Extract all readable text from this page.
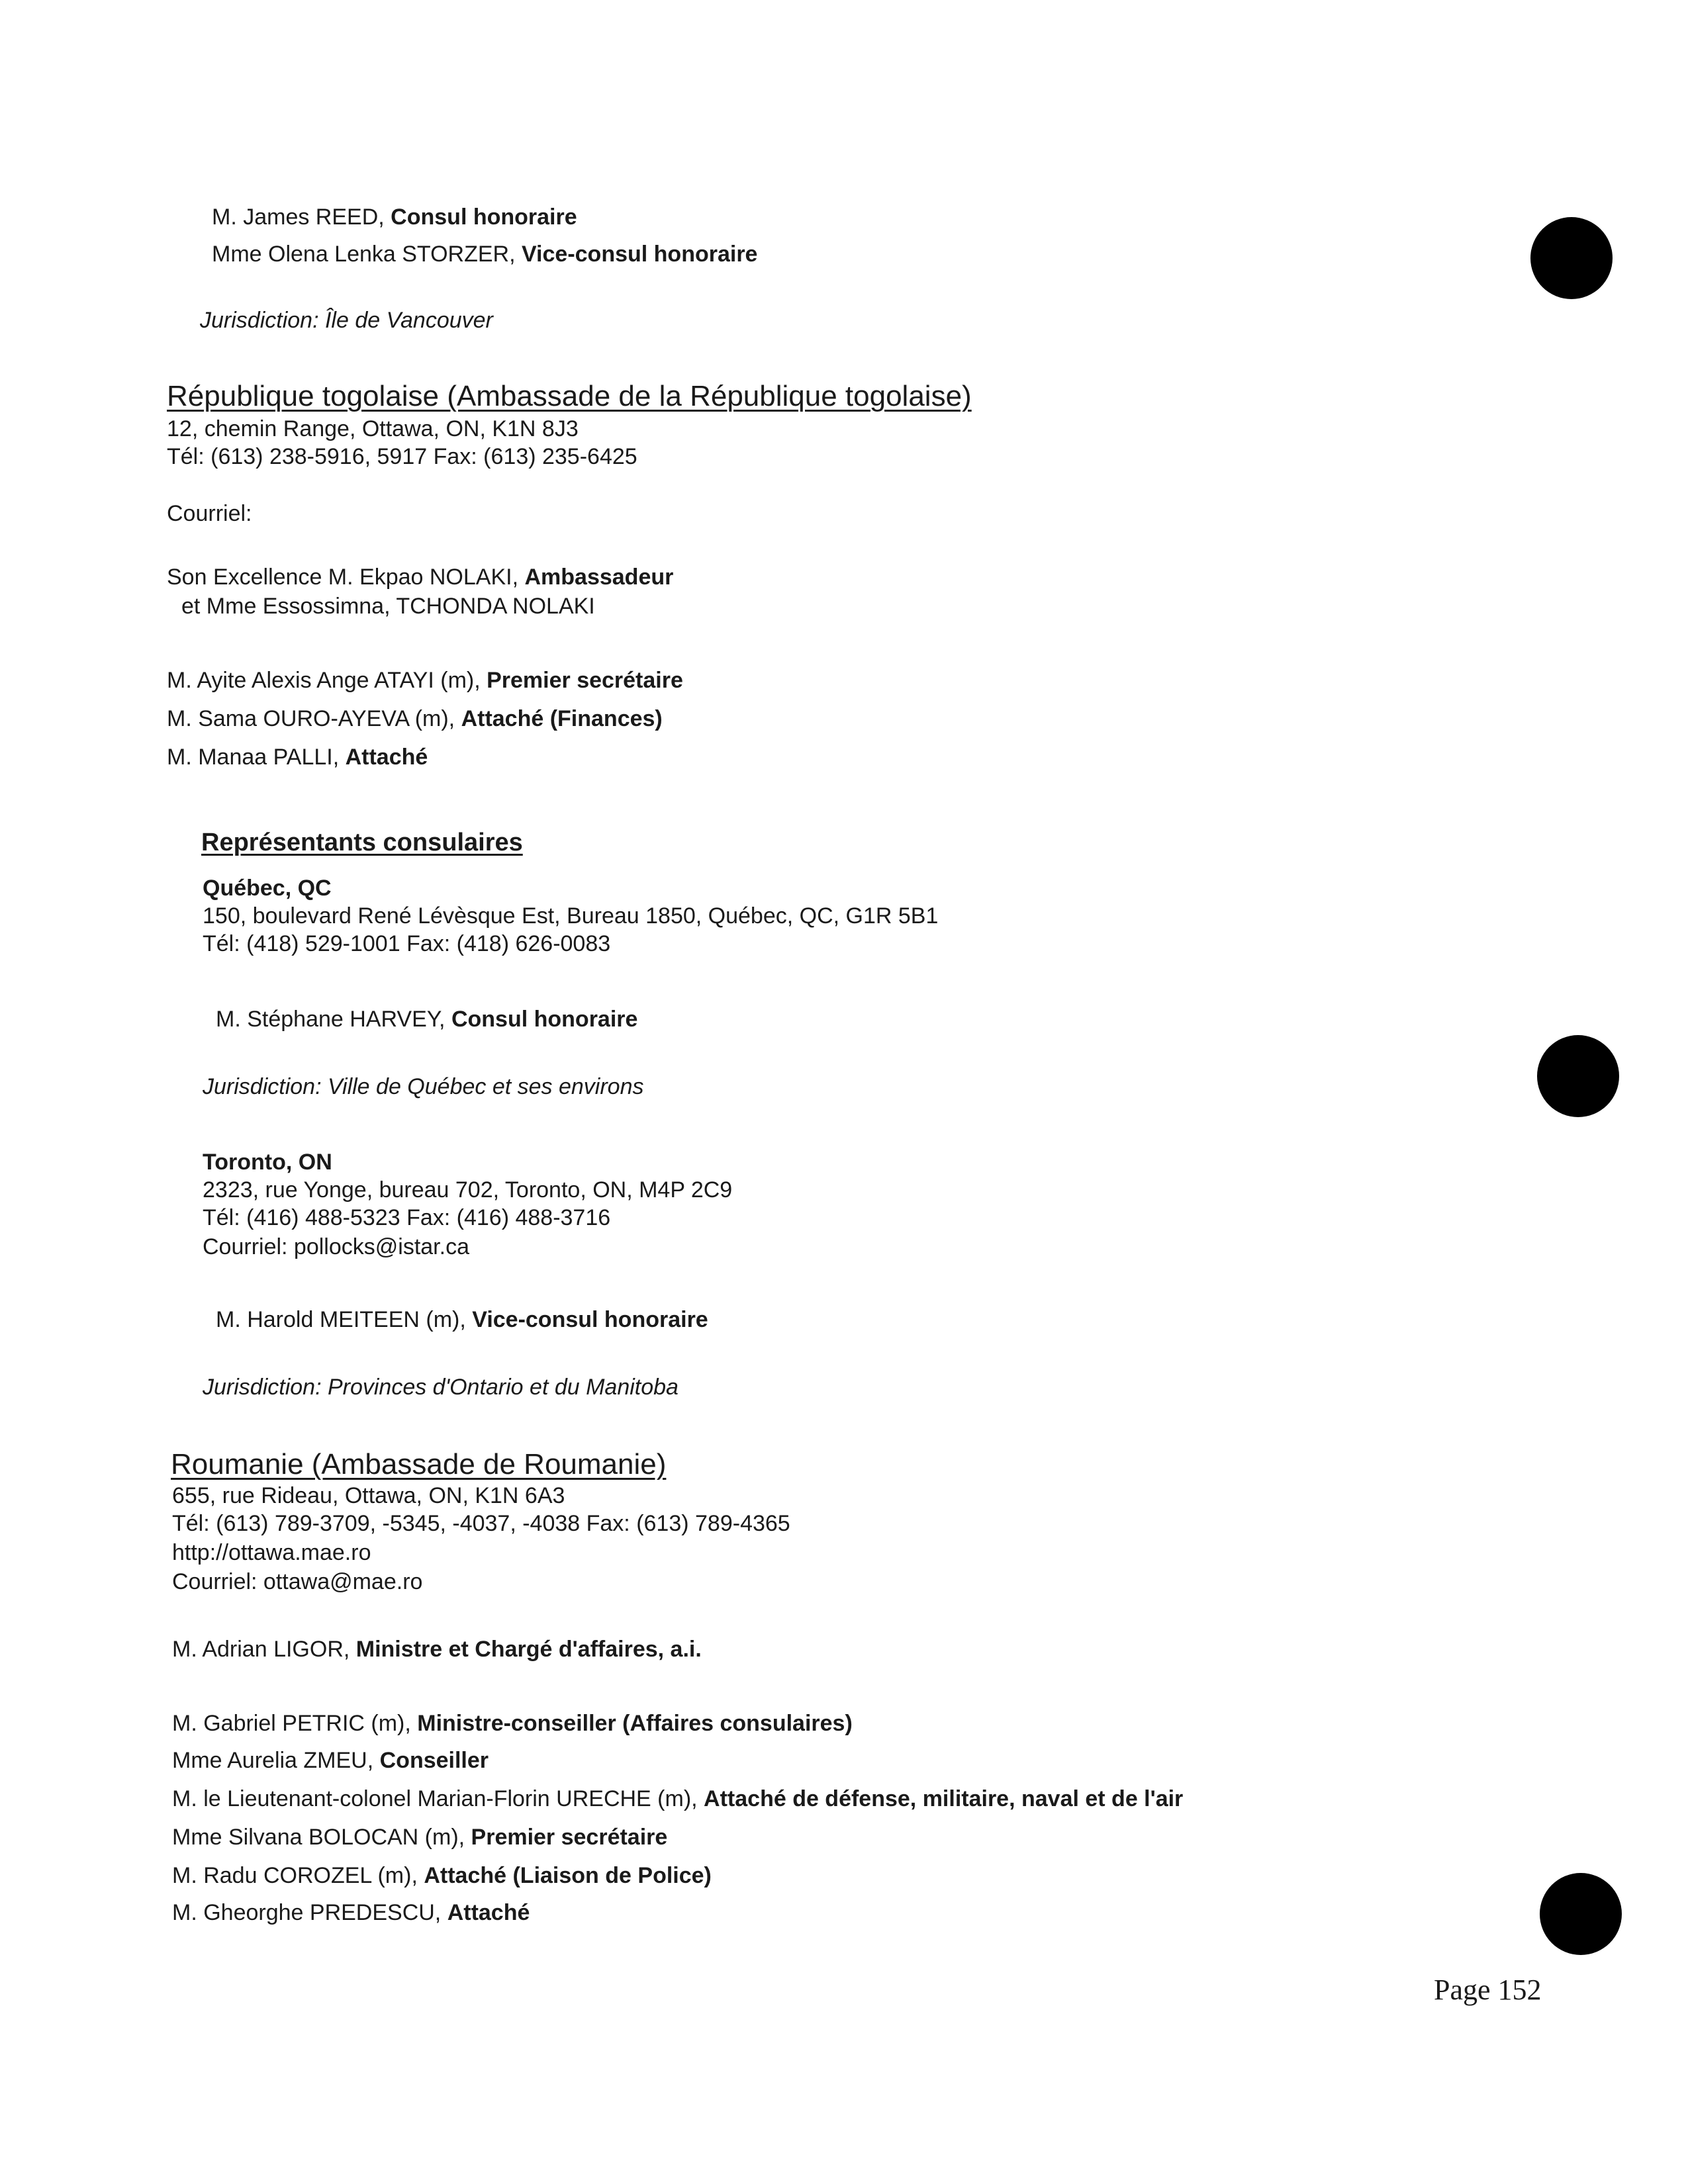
M. James REED, Consul honoraire
Mme Olena Lenka STORZER, Vice-consul honoraire
Jurisdiction: Île de Vancouver
République togolaise (Ambassade de la République togolaise)
12, chemin Range, Ottawa, ON, K1N 8J3
Tél: (613) 238-5916, 5917 Fax: (613) 235-6425
Courriel:
Son Excellence M. Ekpao NOLAKI, Ambassadeur
et Mme Essossimna, TCHONDA NOLAKI
M. Ayite Alexis Ange ATAYI (m), Premier secrétaire
M. Sama OURO-AYEVA (m), Attaché (Finances)
M. Manaa PALLI, Attaché
Représentants consulaires
Québec, QC
150, boulevard René Lévèsque Est, Bureau 1850, Québec, QC, G1R 5B1
Tél: (418) 529-1001 Fax: (418) 626-0083
M. Stéphane HARVEY, Consul honoraire
Jurisdiction: Ville de Québec et ses environs
Toronto, ON
2323, rue Yonge, bureau 702, Toronto, ON, M4P 2C9
Tél: (416) 488-5323 Fax: (416) 488-3716
Courriel: pollocks@istar.ca
M. Harold MEITEEN (m), Vice-consul honoraire
Jurisdiction: Provinces d'Ontario et du Manitoba
Roumanie (Ambassade de Roumanie)
655, rue Rideau, Ottawa, ON, K1N 6A3
Tél: (613) 789-3709, -5345, -4037, -4038 Fax: (613) 789-4365
http://ottawa.mae.ro
Courriel: ottawa@mae.ro
M. Adrian LIGOR, Ministre et Chargé d'affaires, a.i.
M. Gabriel PETRIC (m), Ministre-conseiller (Affaires consulaires)
Mme Aurelia ZMEU, Conseiller
M. le Lieutenant-colonel Marian-Florin URECHE (m), Attaché de défense, militaire, naval et de l'air
Mme Silvana BOLOCAN (m), Premier secrétaire
M. Radu COROZEL (m), Attaché (Liaison de Police)
M. Gheorghe PREDESCU, Attaché
Page 152
